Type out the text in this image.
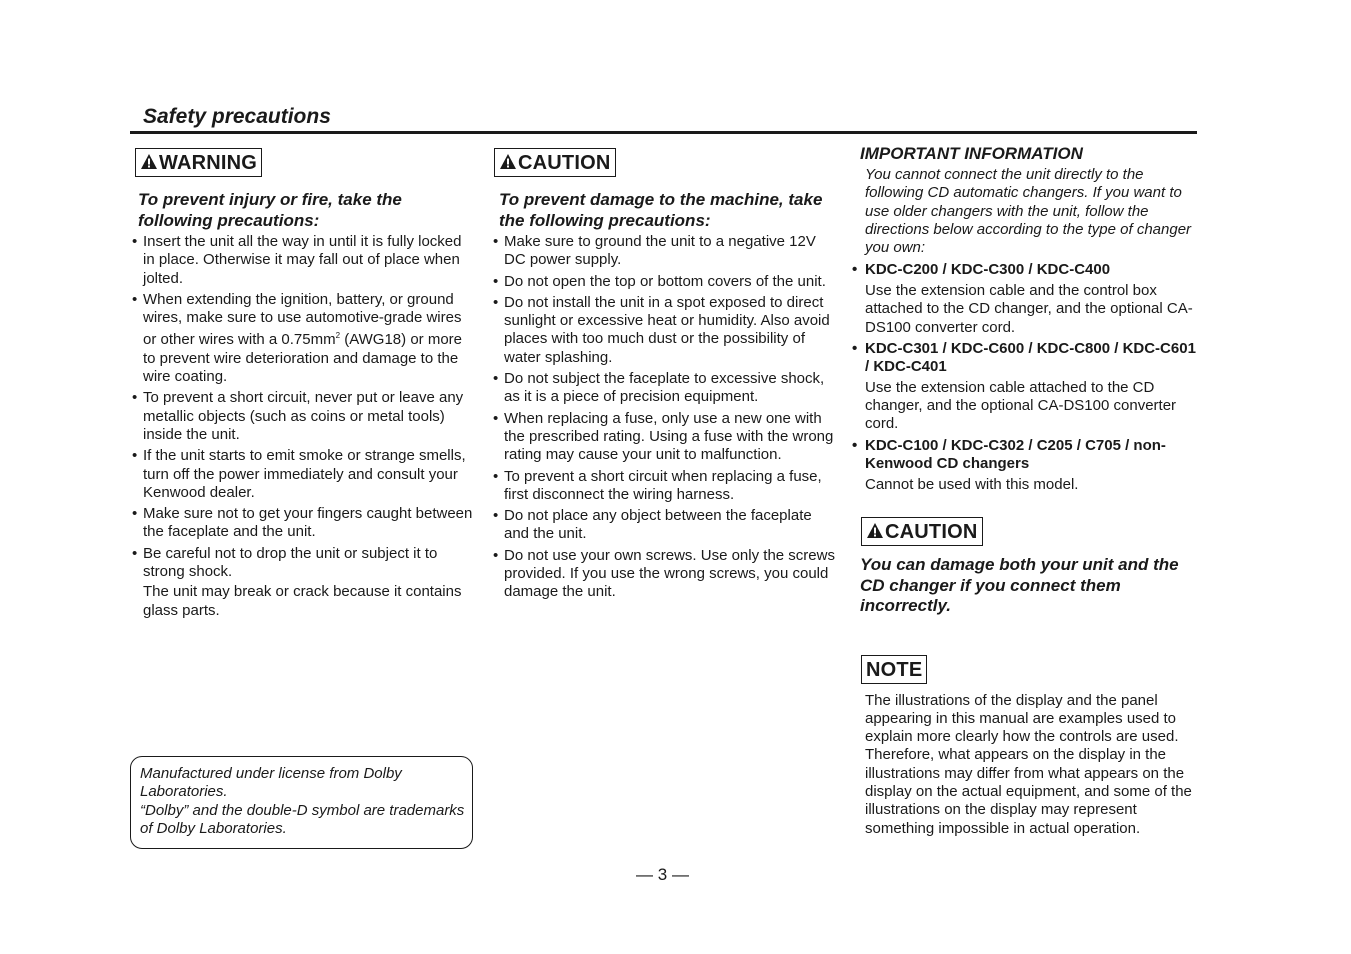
Safety precautions
WARNING

To prevent injury or fire, take the following precautions:

• Insert the unit all the way in until it is fully locked in place. Otherwise it may fall out of place when jolted.
• When extending the ignition, battery, or ground wires, make sure to use automotive-grade wires or other wires with a $0.75mm^2$ (AWG18) or more to prevent wire deterioration and damage to the wire coating.
• To prevent a short circuit, never put or leave any metallic objects (such as coins or metal tools) inside the unit.
• If the unit starts to emit smoke or strange smells, turn off the power immediately and consult your Kenwood dealer.
• Make sure not to get your fingers caught between the faceplate and the unit.
• Be careful not to drop the unit or subject it to strong shock.
The unit may break or crack because it contains glass parts.
CAUTION

To prevent damage to the machine, take the following precautions:

• Make sure to ground the unit to a negative 12V DC power supply.
• Do not open the top or bottom covers of the unit.
• Do not install the unit in a spot exposed to direct sunlight or excessive heat or humidity. Also avoid places with too much dust or the possibility of water splashing.
• Do not subject the faceplate to excessive shock, as it is a piece of precision equipment.
• When replacing a fuse, only use a new one with the prescribed rating. Using a fuse with the wrong rating may cause your unit to malfunction.
• To prevent a short circuit when replacing a fuse, first disconnect the wiring harness.
• Do not place any object between the faceplate and the unit.
• Do not use your own screws. Use only the screws provided. If you use the wrong screws, you could damage the unit.

IMPORTANT INFORMATION

You cannot connect the unit directly to the following CD automatic changers. If you want to use older changers with the unit, follow the directions below according to the type of changer you own:

• KDC-C200 / KDC-C300 / KDC-C400
Use the extension cable and the control box attached to the CD changer, and the optional CA-DS100 converter cord.
• KDC-C301 / KDC-C600 / KDC-C800 / KDC-C601 / KDC-C401
Use the extension cable attached to the CD changer, and the optional CA-DS100 converter cord.
• KDC-C100 / KDC-C302 / C205 / C705 / non-Kenwood CD changers
Cannot be used with this model.
CAUTION

You can damage both your unit and the CD changer if you connect them incorrectly.

NOTE

The illustrations of the display and the panel appearing in this manual are examples used to explain more clearly how the controls are used. Therefore, what appears on the display in the illustrations may differ from what appears on the display on the actual equipment, and some of the illustrations on the display may represent something impossible in actual operation.

Manufactured under license from Dolby Laboratories.
“Dolby” and the double-D symbol are trademarks of Dolby Laboratories.
— 3 —
